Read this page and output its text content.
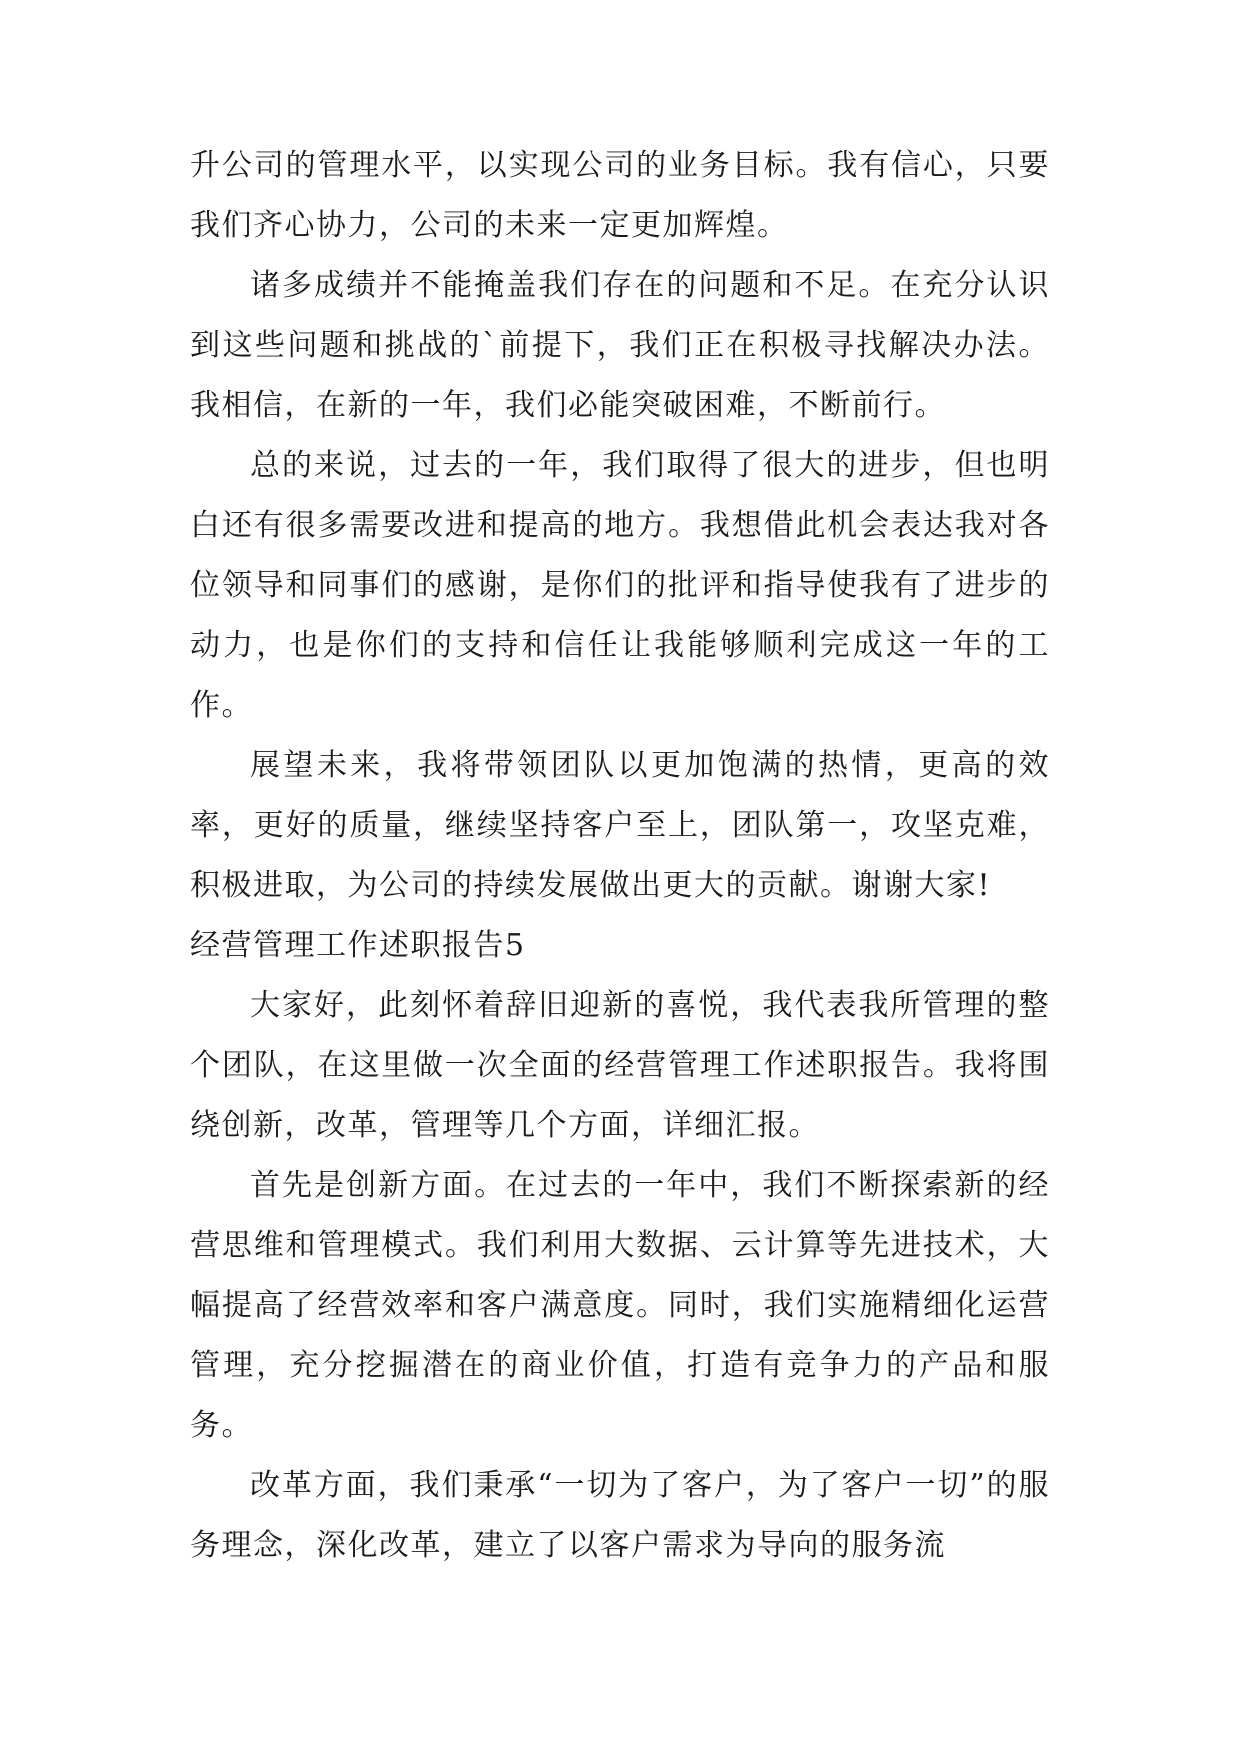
升公司的管理水平，以实现公司的业务目标。我有信心，只要我们齐心协力，公司的未来一定更加辉煌。

诸多成绩并不能掩盖我们存在的问题和不足。在充分认识到这些问题和挑战的`前提下，我们正在积极寻找解决办法。我相信，在新的一年，我们必能突破困难，不断前行。

总的来说，过去的一年，我们取得了很大的进步，但也明白还有很多需要改进和提高的地方。我想借此机会表达我对各位领导和同事们的感谢，是你们的批评和指导使我有了进步的动力，也是你们的支持和信任让我能够顺利完成这一年的工作。

展望未来，我将带领团队以更加饱满的热情，更高的效率，更好的质量，继续坚持客户至上，团队第一，攻坚克难，积极进取，为公司的持续发展做出更大的贡献。谢谢大家!

经营管理工作述职报告5

大家好，此刻怀着辞旧迎新的喜悦，我代表我所管理的整个团队，在这里做一次全面的经营管理工作述职报告。我将围绕创新，改革，管理等几个方面，详细汇报。

首先是创新方面。在过去的一年中，我们不断探索新的经营思维和管理模式。我们利用大数据、云计算等先进技术，大幅提高了经营效率和客户满意度。同时，我们实施精细化运营管理，充分挖掘潜在的商业价值，打造有竞争力的产品和服务。

改革方面，我们秉承“一切为了客户，为了客户一切”的服务理念，深化改革，建立了以客户需求为导向的服务流
